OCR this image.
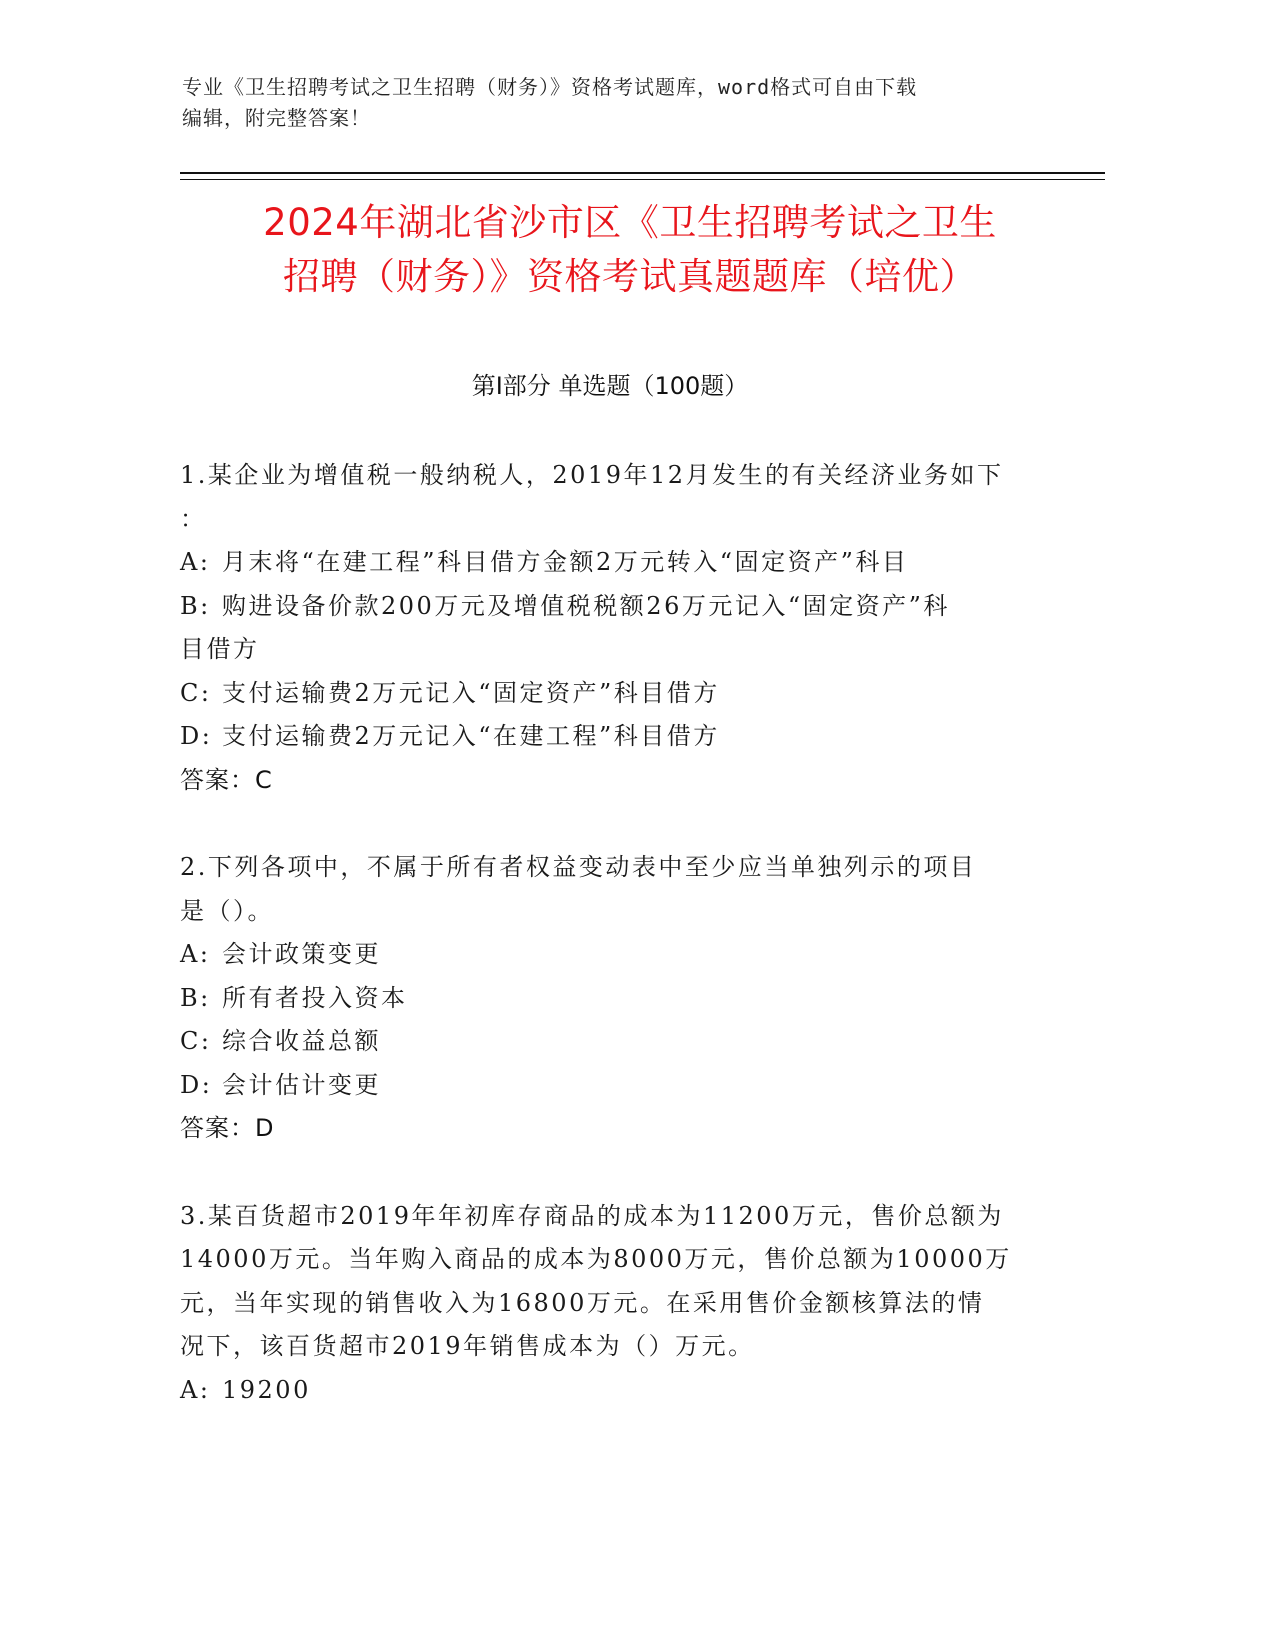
专业《卫生招聘考试之卫生招聘（财务）》资格考试题库，word格式可自由下载
编辑，附完整答案！
2024年湖北省沙市区《卫生招聘考试之卫生
招聘（财务）》资格考试真题题库（培优）
第Ⅰ部分 单选题（100题）

1.某企业为增值税一般纳税人，2019年12月发生的有关经济业务如下

：

A: 月末将“在建工程”科目借方金额2万元转入“固定资产”科目

B: 购进设备价款200万元及增值税税额26万元记入“固定资产”科

目借方

C: 支付运输费2万元记入“固定资产”科目借方

D: 支付运输费2万元记入“在建工程”科目借方

答案：C

2.下列各项中，不属于所有者权益变动表中至少应当单独列示的项目

是（）。

A: 会计政策变更

B: 所有者投入资本

C: 综合收益总额

D: 会计估计变更

答案：D

3.某百货超市2019年年初库存商品的成本为11200万元，售价总额为

14000万元。当年购入商品的成本为8000万元，售价总额为10000万

元，当年实现的销售收入为16800万元。在采用售价金额核算法的情

况下，该百货超市2019年销售成本为（）万元。

A: 19200
